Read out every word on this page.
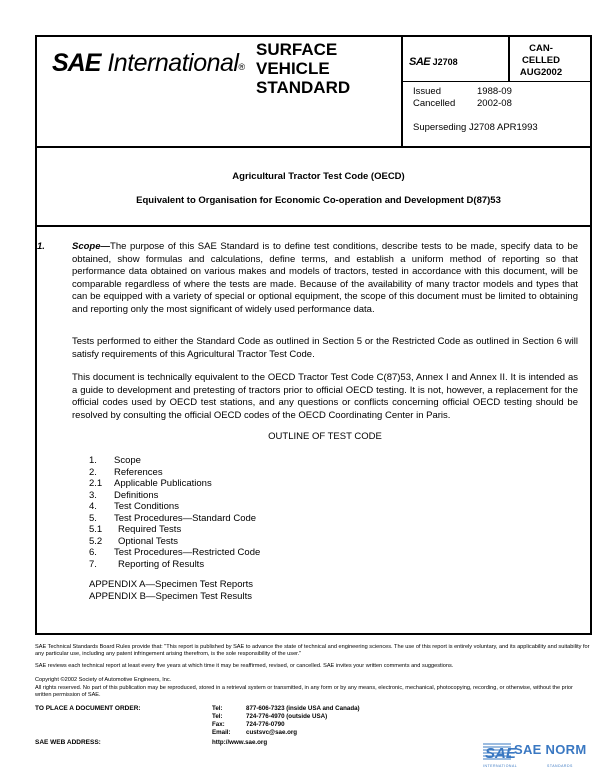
SAE International®
SURFACE
VEHICLE
STANDARD
SAE J2708
CAN-
CELLED
AUG2002
Issued	1988-09
Cancelled 2002-08
Superseding J2708 APR1993
Agricultural Tractor Test Code (OECD)
Equivalent to Organisation for Economic Co-operation and Development D(87)53
1.	Scope—The purpose of this SAE Standard is to define test conditions, describe tests to be made, specify data to be obtained, show formulas and calculations, define terms, and establish a uniform method of reporting so that performance data obtained on various makes and models of tractors, tested in accordance with this document, will be comparable regardless of where the tests are made. Because of the availability of many tractor models and types that can be equipped with a variety of special or optional equipment, the scope of this document must be limited to obtaining and reporting only the most significant of widely used performance data.
Tests performed to either the Standard Code as outlined in Section 5 or the Restricted Code as outlined in Section 6 will satisfy requirements of this Agricultural Tractor Test Code.
This document is technically equivalent to the OECD Tractor Test Code C(87)53, Annex I and Annex II. It is intended as a guide to development and pretesting of tractors prior to official OECD testing. It is not, however, a replacement for the official codes used by OECD test stations, and any questions or conflicts concerning official OECD testing should be resolved by consulting the official OECD codes of the OECD Coordinating Center in Paris.
OUTLINE OF TEST CODE
1.	Scope
2.	References
2.1	Applicable Publications
3.	Definitions
4.	Test Conditions
5.	Test Procedures—Standard Code
5.1	Required Tests
5.2	Optional Tests
6.	Test Procedures—Restricted Code
7.	Reporting of Results
APPENDIX A—Specimen Test Reports
APPENDIX B—Specimen Test Results
SAE Technical Standards Board Rules provide that: "This report is published by SAE to advance the state of technical and engineering sciences. The use of this report is entirely voluntary, and its applicability and suitability for any particular use, including any patent infringement arising therefrom, is the sole responsibility of the user."
SAE reviews each technical report at least every five years at which time it may be reaffirmed, revised, or cancelled. SAE invites your written comments and suggestions.
Copyright ©2002 Society of Automotive Engineers, Inc.
All rights reserved. No part of this publication may be reproduced, stored in a retrieval system or transmitted, in any form or by any means, electronic, mechanical, photocopying, recording, or otherwise, without the prior written permission of SAE.
TO PLACE A DOCUMENT ORDER:	Tel:	877-606-7323 (inside USA and Canada)
Tel:	724-776-4970 (outside USA)
Fax:	724-776-0790
Email: custsvc@sae.org
SAE WEB ADDRESS:	http://www.sae.org
SAE
SAE NORM
INTERNATIONAL	STANDARDS
